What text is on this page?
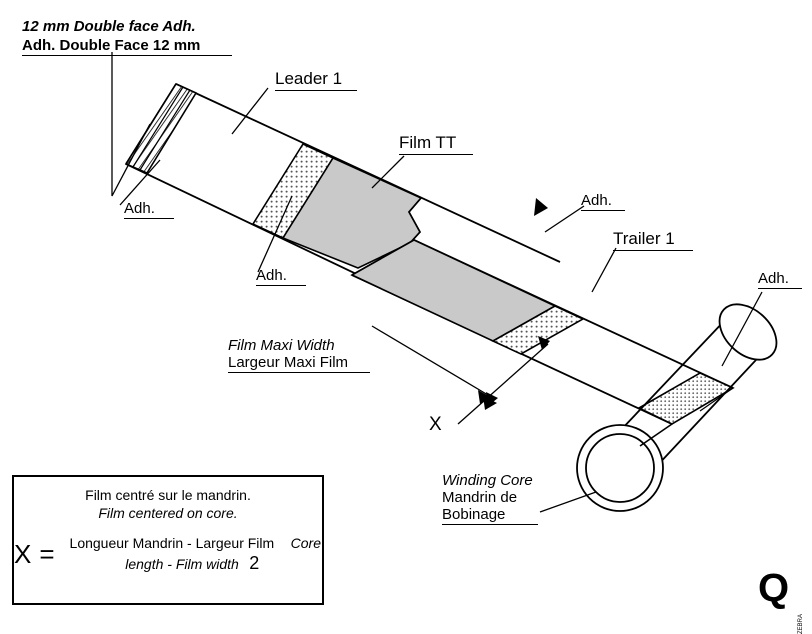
12 mm Double face Adh.
Adh. Double Face 12 mm
Adh.
Leader 1
Adh.
Film TT
Adh.
Trailer 1
Adh.
Film Maxi Width
Largeur Maxi Film
X
Winding Core
Mandrin de
Bobinage
Film centré sur le mandrin.
Film centered on core.
X =	Longueur Mandrin - Largeur Film Core length - Film width 2
Q
ZEBRA
